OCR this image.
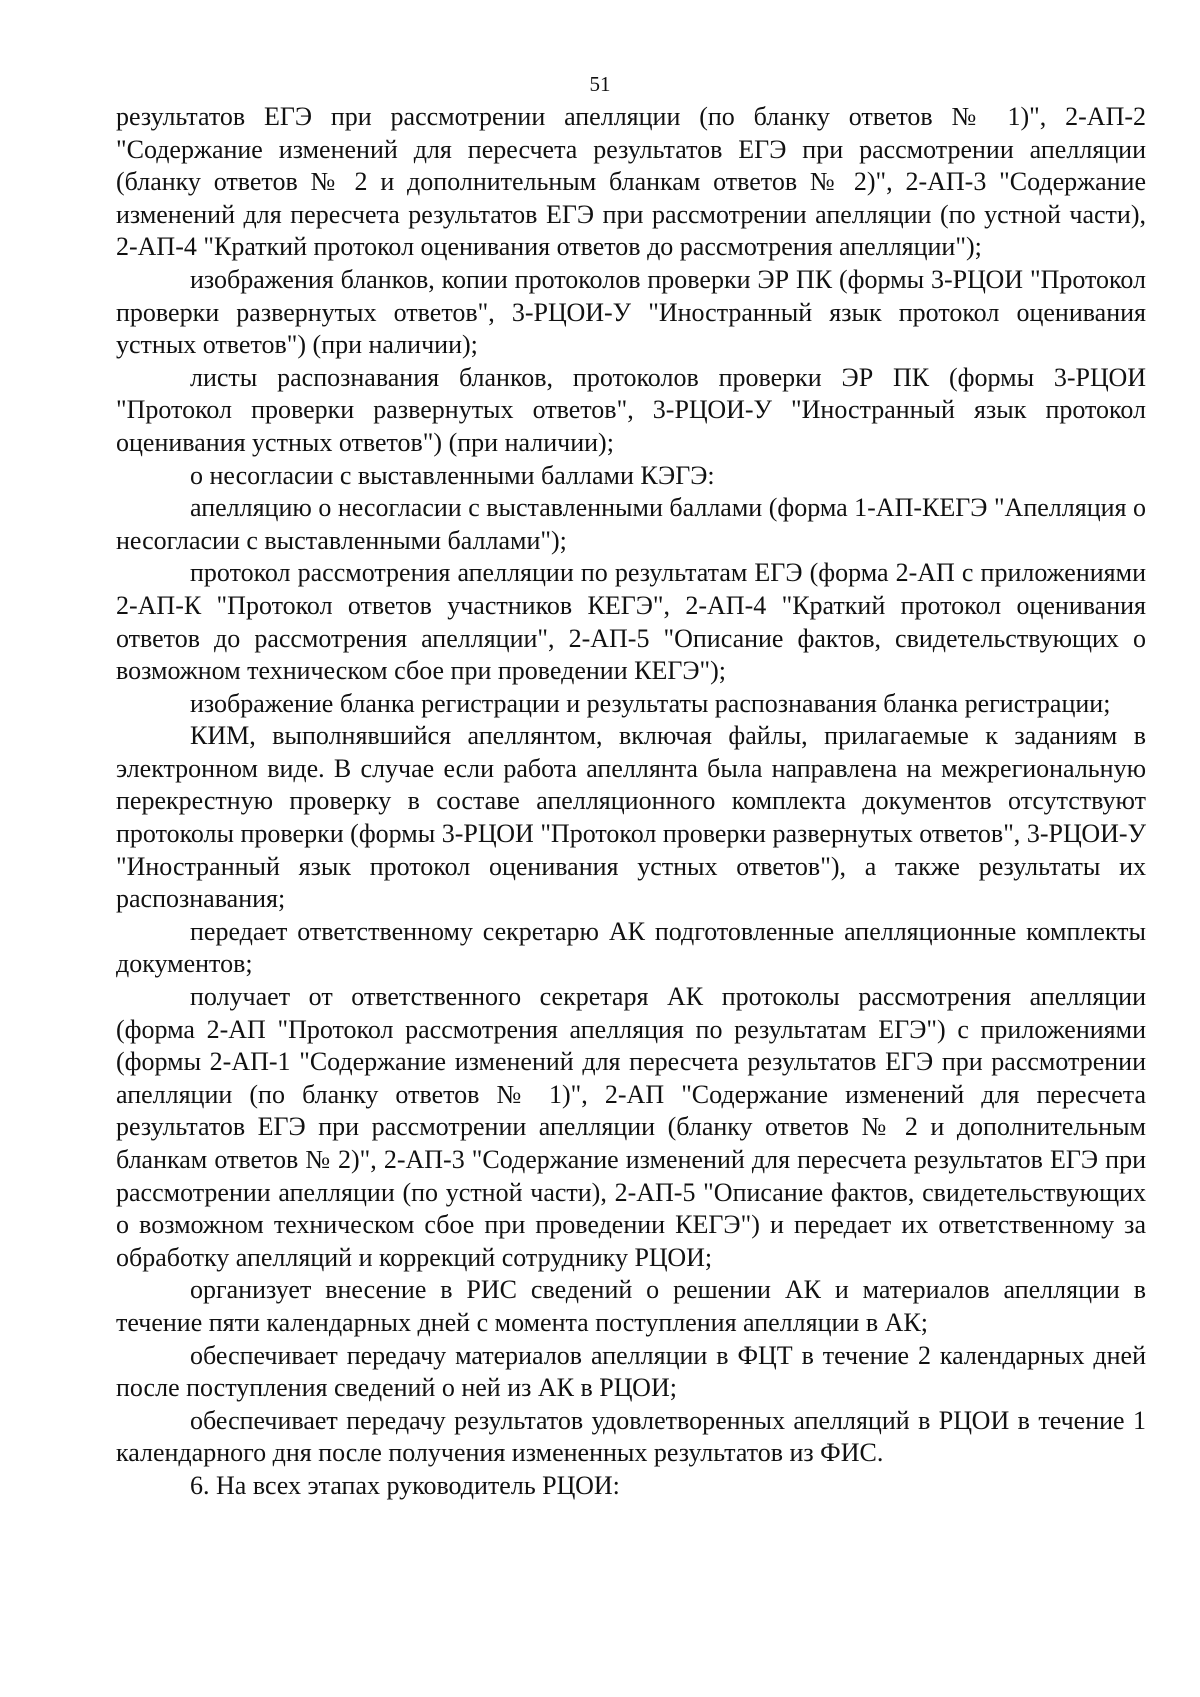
51

результатов ЕГЭ при рассмотрении апелляции (по бланку ответов № 1)", 2-АП-2 "Содержание изменений для пересчета результатов ЕГЭ при рассмотрении апелляции (бланку ответов № 2 и дополнительным бланкам ответов № 2)", 2-АП-3 "Содержание изменений для пересчета результатов ЕГЭ при рассмотрении апелляции (по устной части), 2-АП-4 "Краткий протокол оценивания ответов до рассмотрения апелляции");

изображения бланков, копии протоколов проверки ЭР ПК (формы 3-РЦОИ "Протокол проверки развернутых ответов", 3-РЦОИ-У "Иностранный язык протокол оценивания устных ответов") (при наличии);

листы распознавания бланков, протоколов проверки ЭР ПК (формы 3-РЦОИ "Протокол проверки развернутых ответов", 3-РЦОИ-У "Иностранный язык протокол оценивания устных ответов") (при наличии);

о несогласии с выставленными баллами КЭГЭ:

апелляцию о несогласии с выставленными баллами (форма 1-АП-КЕГЭ "Апелляция о несогласии с выставленными баллами");

протокол рассмотрения апелляции по результатам ЕГЭ (форма 2-АП с приложениями 2-АП-К "Протокол ответов участников КЕГЭ", 2-АП-4 "Краткий протокол оценивания ответов до рассмотрения апелляции", 2-АП-5 "Описание фактов, свидетельствующих о возможном техническом сбое при проведении КЕГЭ");

изображение бланка регистрации и результаты распознавания бланка регистрации;

КИМ, выполнявшийся апеллянтом, включая файлы, прилагаемые к заданиям в электронном виде. В случае если работа апеллянта была направлена на межрегиональную перекрестную проверку в составе апелляционного комплекта документов отсутствуют протоколы проверки (формы 3-РЦОИ "Протокол проверки развернутых ответов", 3-РЦОИ-У "Иностранный язык протокол оценивания устных ответов"), а также результаты их распознавания;

передает ответственному секретарю АК подготовленные апелляционные комплекты документов;

получает от ответственного секретаря АК протоколы рассмотрения апелляции (форма 2-АП "Протокол рассмотрения апелляция по результатам ЕГЭ") с приложениями (формы 2-АП-1 "Содержание изменений для пересчета результатов ЕГЭ при рассмотрении апелляции (по бланку ответов № 1)", 2-АП "Содержание изменений для пересчета результатов ЕГЭ при рассмотрении апелляции (бланку ответов № 2 и дополнительным бланкам ответов № 2)", 2-АП-3 "Содержание изменений для пересчета результатов ЕГЭ при рассмотрении апелляции (по устной части), 2-АП-5 "Описание фактов, свидетельствующих о возможном техническом сбое при проведении КЕГЭ") и передает их ответственному за обработку апелляций и коррекций сотруднику РЦОИ;

организует внесение в РИС сведений о решении АК и материалов апелляции в течение пяти календарных дней с момента поступления апелляции в АК;

обеспечивает передачу материалов апелляции в ФЦТ в течение 2 календарных дней после поступления сведений о ней из АК в РЦОИ;

обеспечивает передачу результатов удовлетворенных апелляций в РЦОИ в течение 1 календарного дня после получения измененных результатов из ФИС.

6. На всех этапах руководитель РЦОИ:
